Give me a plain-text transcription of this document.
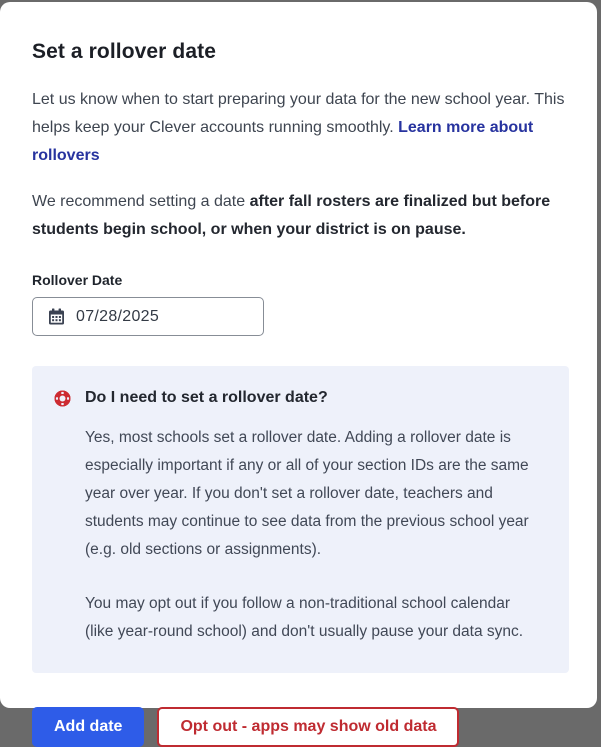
Set a rollover date

Let us know when to start preparing your data for the new school year. This helps keep your Clever accounts running smoothly. Learn more about rollovers

We recommend setting a date after fall rosters are finalized but before students begin school, or when your district is on pause.

Rollover Date
07/28/2025
Do I need to set a rollover date?

Yes, most schools set a rollover date. Adding a rollover date is especially important if any or all of your section IDs are the same year over year. If you don't set a rollover date, teachers and students may continue to see data from the previous school year (e.g. old sections or assignments).

You may opt out if you follow a non-traditional school calendar (like year-round school) and don't usually pause your data sync.

Add date	Opt out - apps may show old data
